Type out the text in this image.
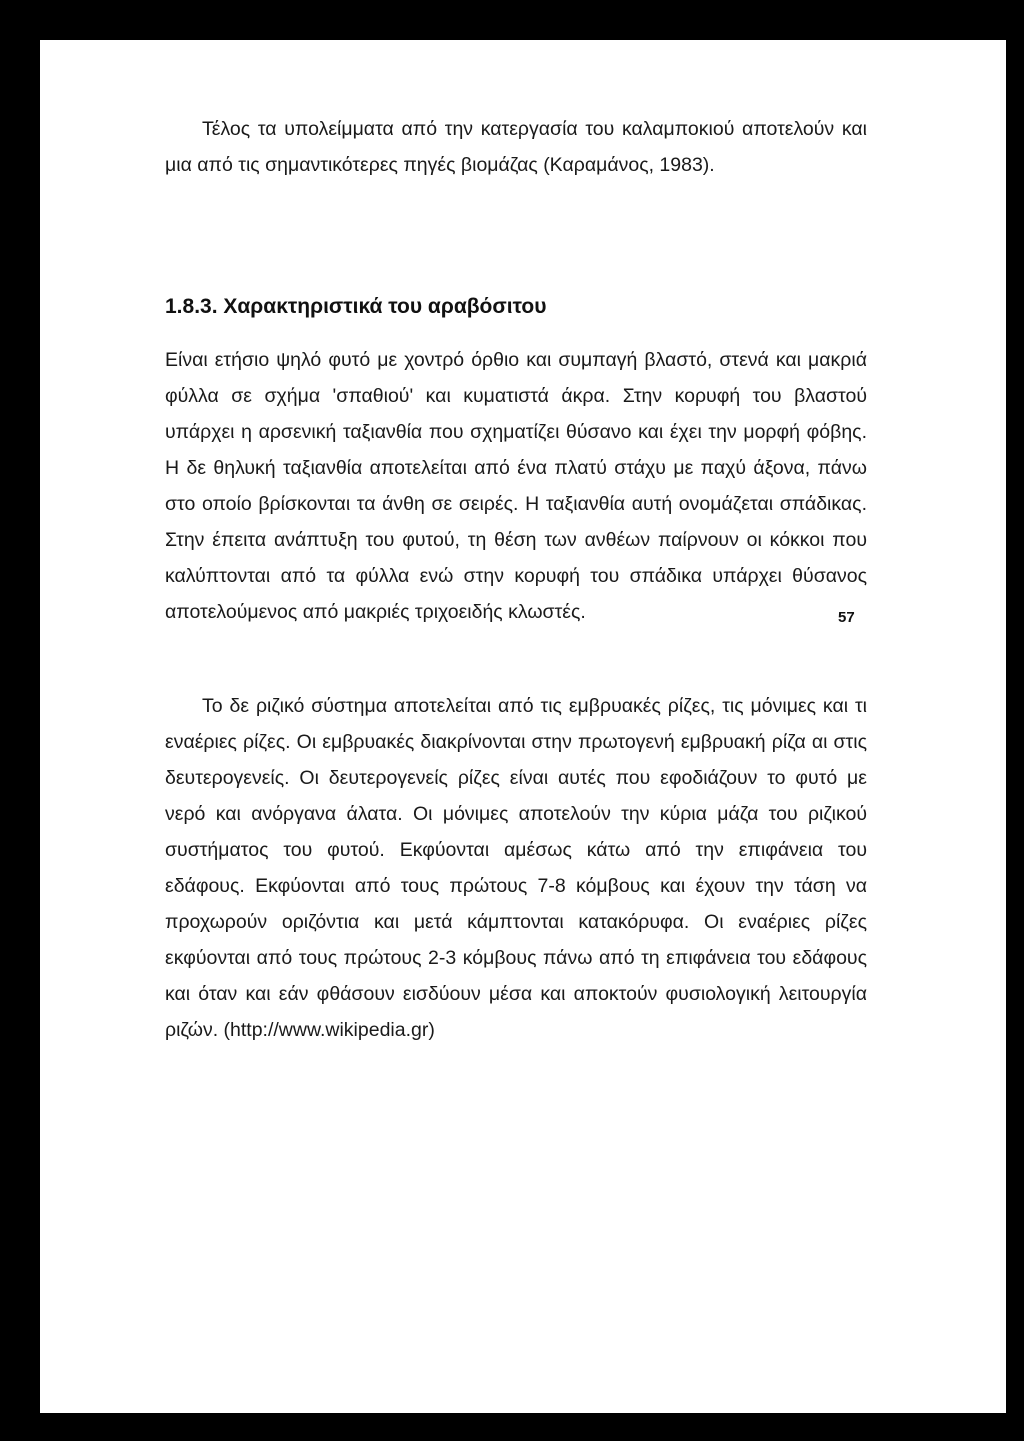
Τέλος τα υπολείμματα από την κατεργασία του καλαμποκιού αποτελούν και μια από τις σημαντικότερες πηγές βιομάζας (Καραμάνος, 1983).

1.8.3. Χαρακτηριστικά του αραβόσιτου

Είναι ετήσιο ψηλό φυτό με χοντρό όρθιο και συμπαγή βλαστό, στενά και μακριά φύλλα σε σχήμα 'σπαθιού' και κυματιστά άκρα. Στην κορυφή του βλαστού υπάρχει η αρσενική ταξιανθία που σχηματίζει θύσανο και έχει την μορφή φόβης. Η δε θηλυκή ταξιανθία αποτελείται από ένα πλατύ στάχυ με παχύ άξονα, πάνω στο οποίο βρίσκονται τα άνθη σε σειρές. Η ταξιανθία αυτή ονομάζεται σπάδικας. Στην έπειτα ανάπτυξη του φυτού, τη θέση των ανθέων παίρνουν οι κόκκοι που καλύπτονται από τα φύλλα ενώ στην κορυφή του σπάδικα υπάρχει θύσανος αποτελούμενος από μακριές τριχοειδής κλωστές.

Το δε ριζικό σύστημα αποτελείται από τις εμβρυακές ρίζες, τις μόνιμες και τι εναέριες ρίζες. Οι εμβρυακές διακρίνονται στην πρωτογενή εμβρυακή ρίζα αι στις δευτερογενείς. Οι δευτερογενείς ρίζες είναι αυτές που εφοδιάζουν το φυτό με νερό και ανόργανα άλατα. Οι μόνιμες αποτελούν την κύρια μάζα του ριζικού συστήματος του φυτού. Εκφύονται αμέσως κάτω από την επιφάνεια του εδάφους. Εκφύονται από τους πρώτους 7-8 κόμβους και έχουν την τάση να προχωρούν οριζόντια και μετά κάμπτονται κατακόρυφα. Οι εναέριες ρίζες εκφύονται από τους πρώτους 2-3 κόμβους πάνω από τη επιφάνεια του εδάφους και όταν και εάν φθάσουν εισδύουν μέσα και αποκτούν φυσιολογική λειτουργία ριζών. (http://www.wikipedia.gr)

57
